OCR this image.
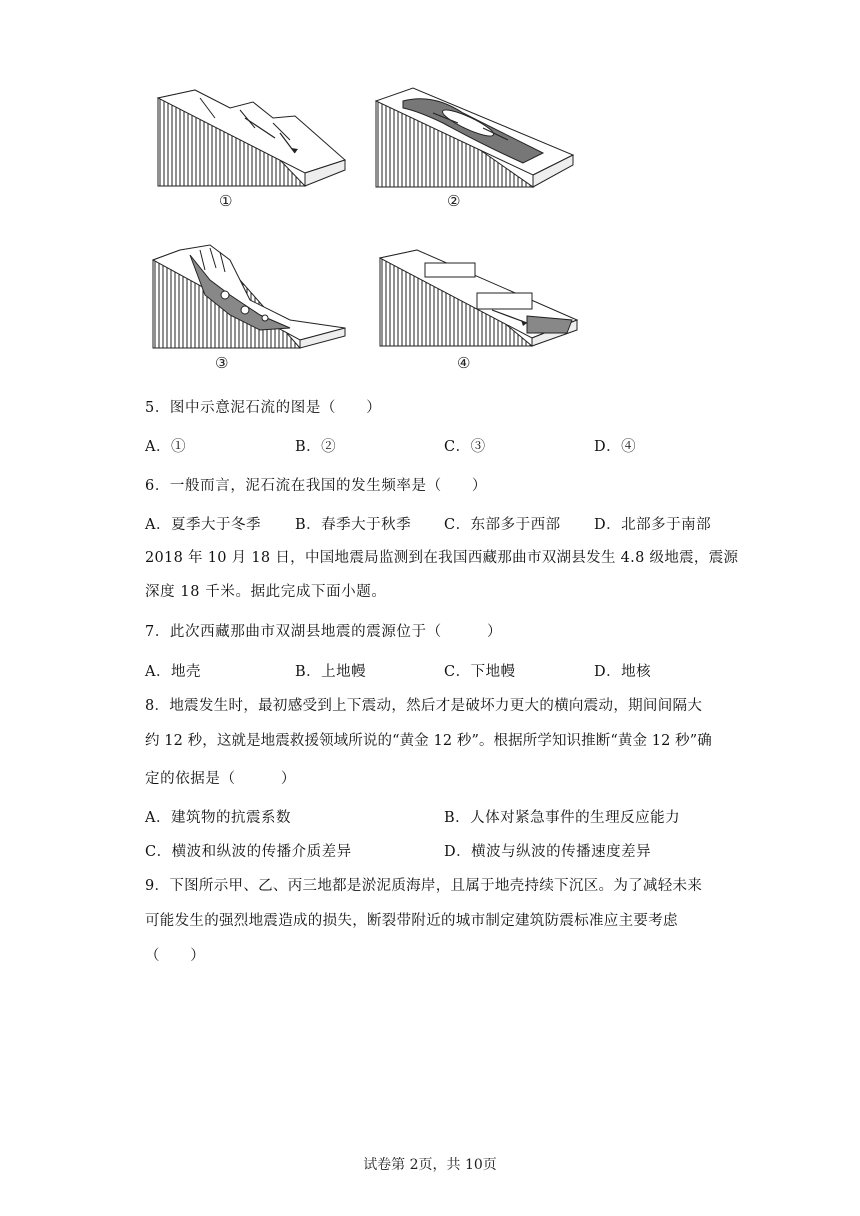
①	②
③	④
5．图中示意泥石流的图是（　　）
A．①	B．②	C．③	D．④
6．一般而言，泥石流在我国的发生频率是（　　）
A．夏季大于冬季 B．春季大于秋季 C．东部多于西部 D．北部多于南部
2018 年 10 月 18 日，中国地震局监测到在我国西藏那曲市双湖县发生 4.8 级地震，震源
深度 18 千米。据此完成下面小题。
7．此次西藏那曲市双湖县地震的震源位于（　　　）
A．地壳	B．上地幔	C．下地幔	D．地核
8．地震发生时，最初感受到上下震动，然后才是破坏力更大的横向震动，期间间隔大
约 12 秒，这就是地震救援领域所说的“黄金 12 秒”。根据所学知识推断“黄金 12 秒”确
定的依据是（　　　）
A．建筑物的抗震系数	B．人体对紧急事件的生理反应能力
C．横波和纵波的传播介质差异	D．横波与纵波的传播速度差异
9．下图所示甲、乙、丙三地都是淤泥质海岸，且属于地壳持续下沉区。为了减轻未来
可能发生的强烈地震造成的损失，断裂带附近的城市制定建筑防震标准应主要考虑
（　　）
试卷第 2页，共 10页
